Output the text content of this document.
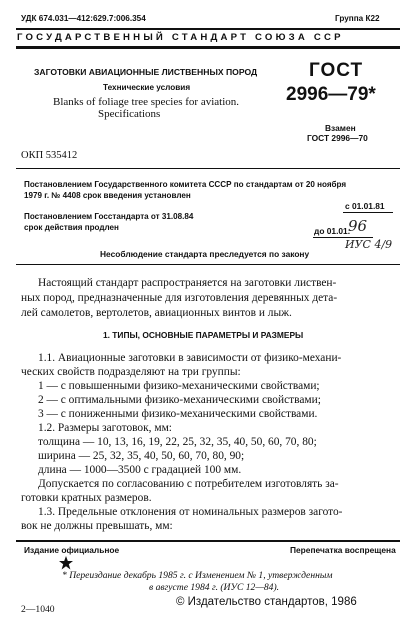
УДК 674.031—412:629.7:006.354	Группа К22
ГОСУДАРСТВЕННЫЙ СТАНДАРТ СОЮЗА ССР
ЗАГОТОВКИ АВИАЦИОННЫЕ ЛИСТВЕННЫХ ПОРОД
Технические условия
Blanks of foliage tree species for aviation.
Specifications
ГОСТ
2996—79*
Взамен
ГОСТ 2996—70
ОКП 535412
Постановлением Государственного комитета СССР по стандартам от 20 ноября
1979 г. № 4408 срок введения установлен
с 01.01.81
Постановлением Госстандарта от 31.08.84
срок действия продлен	до 01.01.
96
ИУС 4/9
Несоблюдение стандарта преследуется по закону
Настоящий стандарт распространяется на заготовки листвен-
ных пород, предназначенные для изготовления деревянных дета-
лей самолетов, вертолетов, авиационных винтов и лыж.
1. ТИПЫ, ОСНОВНЫЕ ПАРАМЕТРЫ И РАЗМЕРЫ
1.1. Авиационные заготовки в зависимости от физико-механи-
ческих свойств подразделяют на три группы:
1 — с повышенными физико-механическими свойствами;
2 — с оптимальными физико-механическими свойствами;
3 — с пониженными физико-механическими свойствами.
1.2. Размеры заготовок, мм:
толщина — 10, 13, 16, 19, 22, 25, 32, 35, 40, 50, 60, 70, 80;
ширина — 25, 32, 35, 40, 50, 60, 70, 80, 90;
длина — 1000—3500 с градацией 100 мм.
Допускается по согласованию с потребителем изготовлять за-
готовки кратных размеров.
1.3. Предельные отклонения от номинальных размеров загото-
вок не должны превышать, мм:
Издание официальное	Перепечатка воспрещена
* Переиздание декабрь 1985 г. с Изменением № 1, утвержденным
в августе 1984 г. (ИУС 12—84).
© Издательство стандартов, 1986
2—1040
